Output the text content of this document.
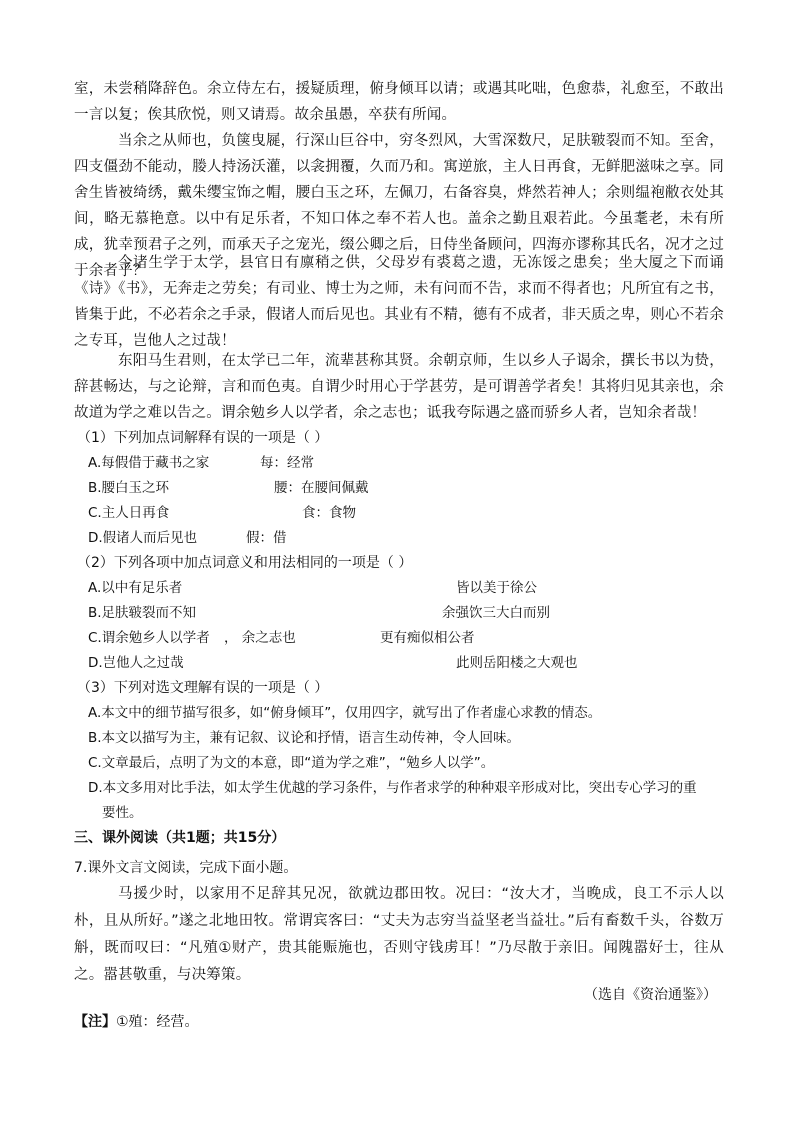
室，未尝稍降辞色。余立侍左右，援疑质理，俯身倾耳以请；或遇其叱咄，色愈恭，礼愈至，不敢出一言以复；俟其欣悦，则又请焉。故余虽愚，卒获有所闻。
当余之从师也，负箧曳屣，行深山巨谷中，穷冬烈风，大雪深数尺，足肤皲裂而不知。至舍，四支僵劲不能动，媵人持汤沃灌，以衾拥覆，久而乃和。寓逆旅，主人日再食，无鲜肥滋味之享。同舍生皆被绮绣，戴朱缨宝饰之帽，腰白玉之环，左佩刀，右备容臭，烨然若神人；余则缊袍敝衣处其间，略无慕艳意。以中有足乐者，不知口体之奉不若人也。盖余之勤且艰若此。今虽耄老，未有所成，犹幸预君子之列，而承天子之宠光，缀公卿之后，日侍坐备顾问，四海亦谬称其氏名，况才之过于余者乎？
今诸生学于太学，县官日有廪稍之供，父母岁有裘葛之遗，无冻馁之患矣；坐大厦之下而诵《诗》《书》，无奔走之劳矣；有司业、博士为之师，未有问而不告，求而不得者也；凡所宜有之书，皆集于此，不必若余之手录，假诸人而后见也。其业有不精，德有不成者，非天质之卑，则心不若余之专耳，岂他人之过哉！
东阳马生君则，在太学已二年，流辈甚称其贤。余朝京师，生以乡人子谒余，撰长书以为贽，辞甚畅达，与之论辩，言和而色夷。自谓少时用心于学甚劳，是可谓善学者矣！其将归见其亲也，余故道为学之难以告之。谓余勉乡人以学者，余之志也；诋我夸际遇之盛而骄乡人者，岂知余者哉！
（1）下列加点词解释有误的一项是（ ）
A.每假借于藏书之家	每：经常
B.腰白玉之环	腰：在腰间佩戴
C.主人日再食	食：食物
D.假诸人而后见也	假：借
（2）下列各项中加点词意义和用法相同的一项是（ ）
A.以中有足乐者	皆以美于徐公
B.足肤皲裂而不知	余强饮三大白而别
C.谓余勉乡人以学者 ， 余之志也	更有痴似相公者
D.岂他人之过哉	此则岳阳楼之大观也
（3）下列对选文理解有误的一项是（ ）
A.本文中的细节描写很多，如“俯身倾耳”，仅用四字，就写出了作者虚心求教的情态。
B.本文以描写为主，兼有记叙、议论和抒情，语言生动传神，令人回味。
C.文章最后，点明了为文的本意，即“道为学之难”，“勉乡人以学”。
D.本文多用对比手法，如太学生优越的学习条件，与作者求学的种种艰辛形成对比，突出专心学习的重
要性。
三、课外阅读（共1题；共15分）
7.课外文言文阅读，完成下面小题。
马援少时，以家用不足辞其兄况，欲就边郡田牧。况曰：“汝大才，当晚成，良工不示人以朴，且从所好。”遂之北地田牧。常谓宾客曰：“丈夫为志穷当益坚老当益壮。”后有畜数千头，谷数万斛，既而叹曰：“凡殖①财产，贵其能赈施也，否则守钱虏耳！”乃尽散于亲旧。闻隗嚣好士，往从之。嚣甚敬重，与决筹策。
（选自《资治通鉴》）
【注】①殖：经营。
